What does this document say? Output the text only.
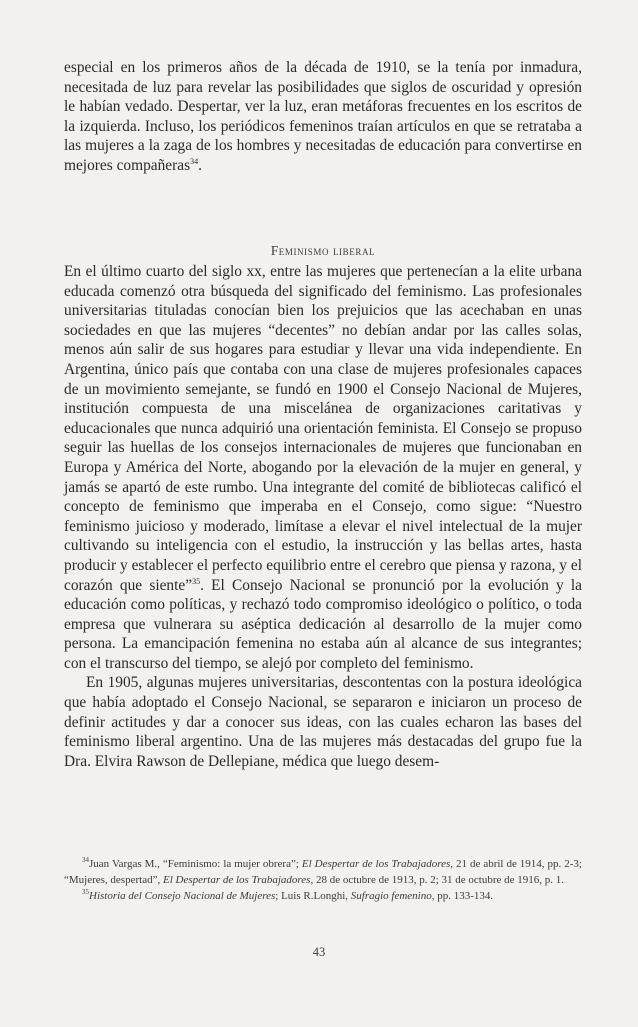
especial en los primeros años de la década de 1910, se la tenía por inmadura, necesitada de luz para revelar las posibilidades que siglos de oscuridad y opresión le habían vedado. Despertar, ver la luz, eran metáforas frecuentes en los escritos de la izquierda. Incluso, los periódicos femeninos traían artículos en que se retrataba a las mujeres a la zaga de los hombres y necesitadas de educación para convertirse en mejores compañeras$^{34}$.

Feminismo liberal

En el último cuarto del siglo xx, entre las mujeres que pertenecían a la elite urbana educada comenzó otra búsqueda del significado del feminismo. Las profesionales universitarias tituladas conocían bien los prejuicios que las acechaban en unas sociedades en que las mujeres “decentes” no debían andar por las calles solas, menos aún salir de sus hogares para estudiar y llevar una vida independiente. En Argentina, único país que contaba con una clase de mujeres profesionales capaces de un movimiento semejante, se fundó en 1900 el Consejo Nacional de Mujeres, institución compuesta de una miscelánea de organizaciones caritativas y educacionales que nunca adquirió una orientación feminista. El Consejo se propuso seguir las huellas de los consejos internacionales de mujeres que funcionaban en Europa y América del Norte, abogando por la elevación de la mujer en general, y jamás se apartó de este rumbo. Una integrante del comité de bibliotecas calificó el concepto de feminismo que imperaba en el Consejo, como sigue: “Nuestro feminismo juicioso y moderado, limítase a elevar el nivel intelectual de la mujer cultivando su inteligencia con el estudio, la instrucción y las bellas artes, hasta producir y establecer el perfecto equilibrio entre el cerebro que piensa y razona, y el corazón que siente”$^{35}$. El Consejo Nacional se pronunció por la evolución y la educación como políticas, y rechazó todo compromiso ideológico o político, o toda empresa que vulnerara su aséptica dedicación al desarrollo de la mujer como persona. La emancipación femenina no estaba aún al alcance de sus integrantes; con el transcurso del tiempo, se alejó por completo del feminismo.

En 1905, algunas mujeres universitarias, descontentas con la postura ideológica que había adoptado el Consejo Nacional, se separaron e iniciaron un proceso de definir actitudes y dar a conocer sus ideas, con las cuales echaron las bases del feminismo liberal argentino. Una de las mujeres más destacadas del grupo fue la Dra. Elvira Rawson de Dellepiane, médica que luego desem-

$^{34}$Juan Vargas M., “Feminismo: la mujer obrera”; El Despertar de los Trabajadores, 21 de abril de 1914, pp. 2-3; “Mujeres, despertad”, El Despertar de los Trabajadores, 28 de octubre de 1913, p. 2; 31 de octubre de 1916, p. 1.

$^{35}$Historia del Consejo Nacional de Mujeres; Luis R.Longhi, Sufragio femenino, pp. 133-134.

43
